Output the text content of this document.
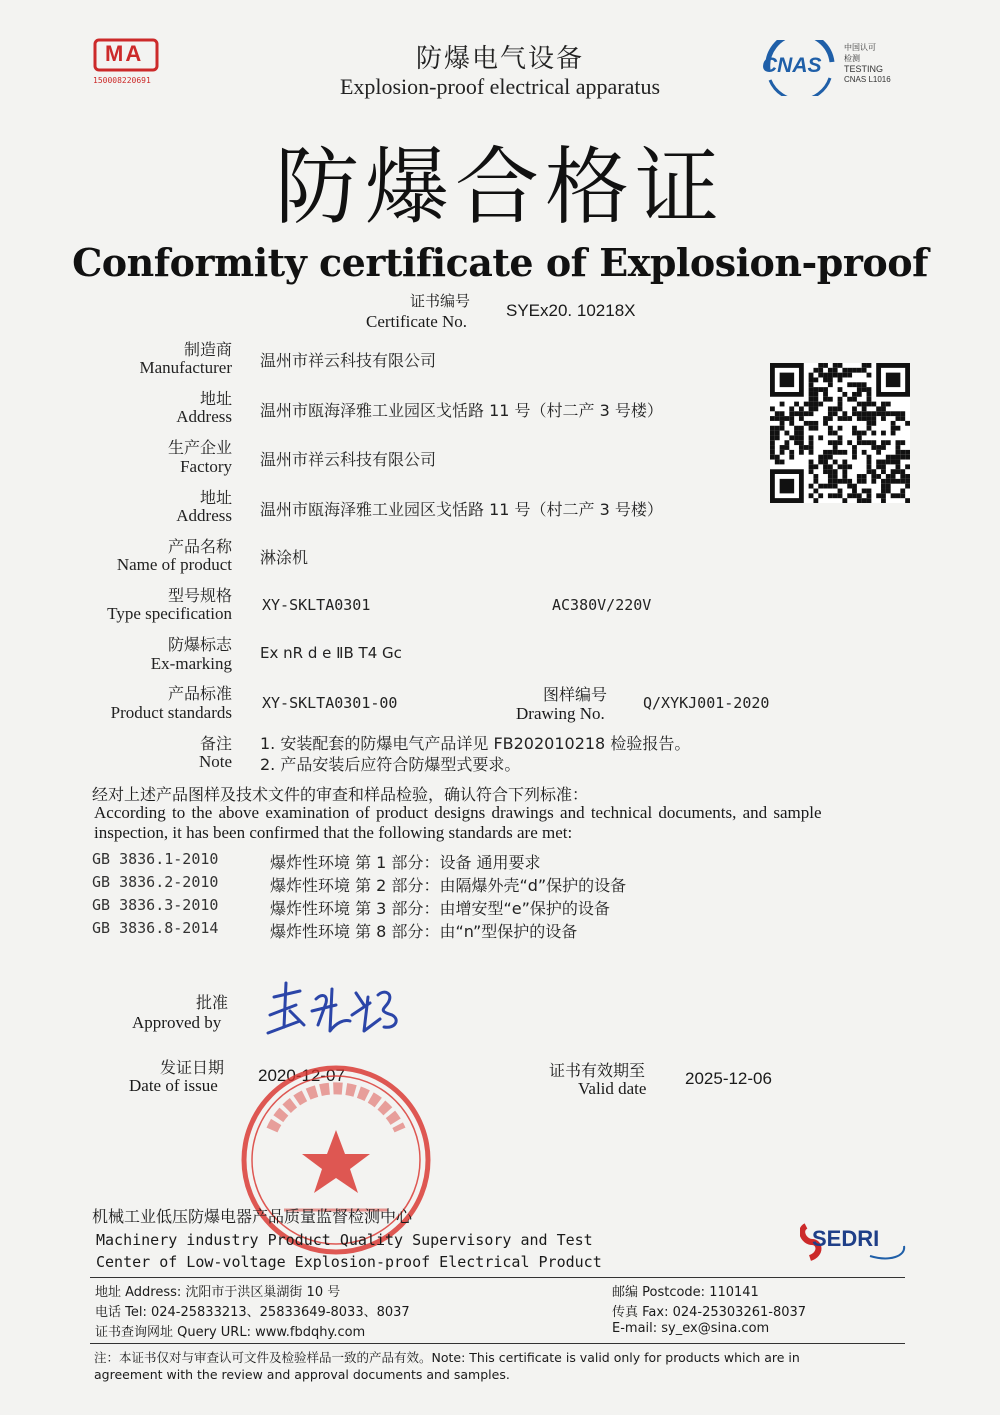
MA
150008220691
防爆电气设备
Explosion-proof electrical apparatus
CNAS
中国认可
检测
TESTING
CNAS L1016
防爆合格证
Conformity certificate of Explosion-proof
证书编号
Certificate No.
SYEx20. 10218X
制造商
Manufacturer 温州市祥云科技有限公司
地址
Address 温州市瓯海泽雅工业园区戈恬路 11 号（村二产 3 号楼）
生产企业
Factory 温州市祥云科技有限公司
地址
Address 温州市瓯海泽雅工业园区戈恬路 11 号（村二产 3 号楼）
产品名称
Name of product 淋涂机
型号规格
Type specification XY-SKLTA0301	AC380V/220V
防爆标志
Ex-marking
Ex nR d e ⅡB T4 Gc
产品标准
Product standards XY-SKLTA0301-00	图样编号
Drawing No.
Q/XYKJ001-2020
备注
Note
1. 安装配套的防爆电气产品详见 FB202010218 检验报告。
2. 产品安装后应符合防爆型式要求。
经对上述产品图样及技术文件的审查和样品检验，确认符合下列标准：
According to the above examination of product designs drawings and technical documents, and sample
inspection, it has been confirmed that the following standards are met:
GB 3836.1-2010	爆炸性环境 第 1 部分：设备 通用要求
GB 3836.2-2010	爆炸性环境 第 2 部分：由隔爆外壳“d”保护的设备
GB 3836.3-2010	爆炸性环境 第 3 部分：由增安型“e”保护的设备
GB 3836.8-2014	爆炸性环境 第 8 部分：由“n”型保护的设备
批准
Approved by
发证日期
Date of issue
2020-12-07	证书有效期至
Valid date
2025-12-06
机械工业低压防爆电器产品质量监督检测中心
Machinery industry Product Quality Supervisory and Test
Center of Low-voltage Explosion-proof Electrical Product
SEDRI
地址 Address: 沈阳市于洪区巢湖街 10 号
电话 Tel: 024-25833213、25833649-8033、8037
证书查询网址 Query URL: www.fbdqhy.com
邮编 Postcode: 110141
传真 Fax: 024-25303261-8037
E-mail: sy_ex@sina.com
注：本证书仅对与审查认可文件及检验样品一致的产品有效。Note: This certificate is valid only for products which are in
agreement with the review and approval documents and samples.
